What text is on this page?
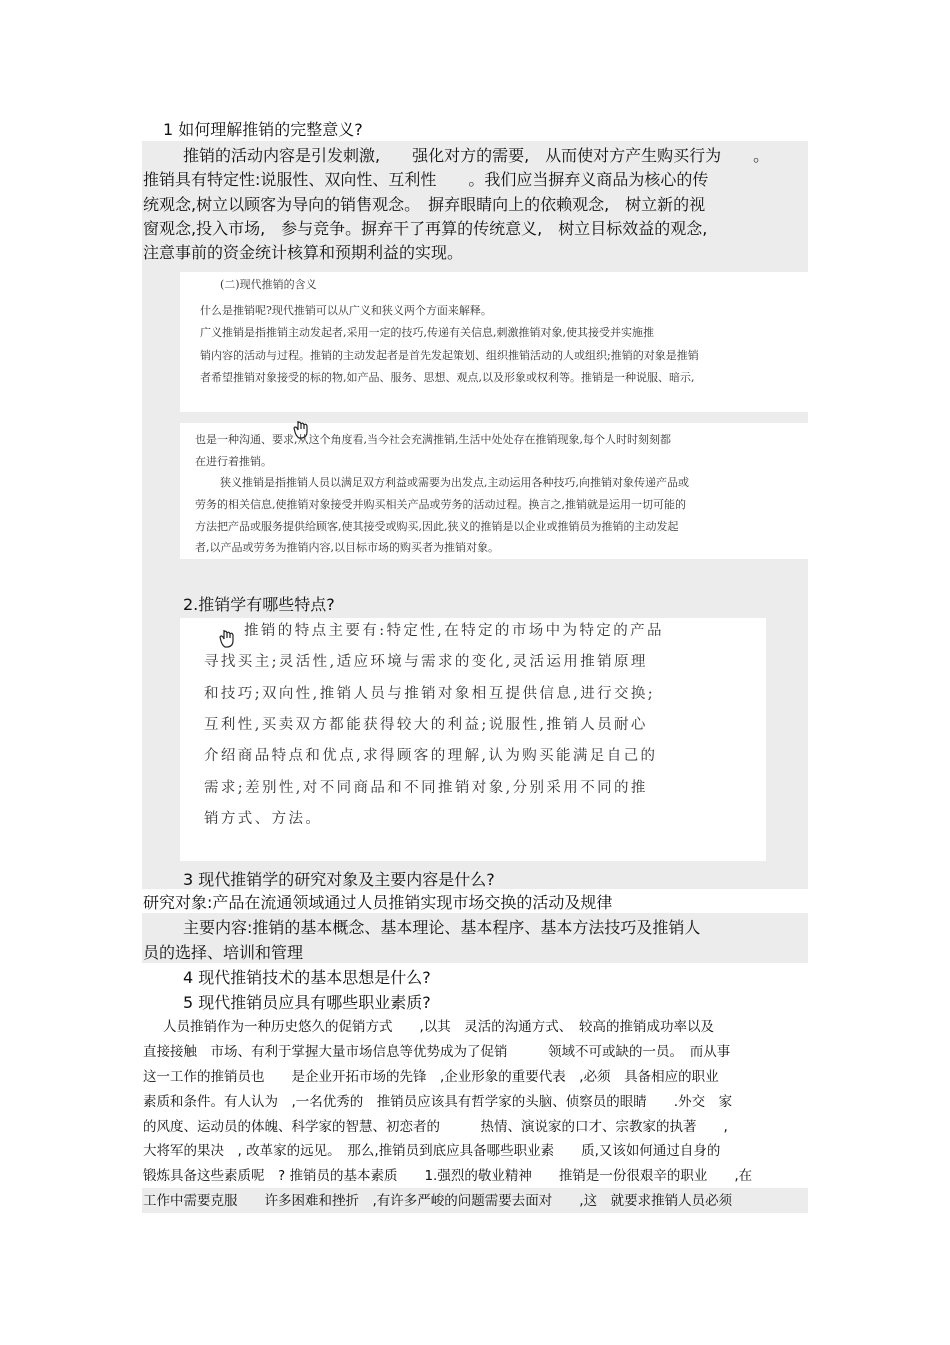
1 如何理解推销的完整意义?
推销的活动内容是引发刺激,　　强化对方的需要,　从而使对方产生购买行为　　。
推销具有特定性:说服性、双向性、互利性　　。我们应当摒弃义商品为核心的传
统观念,树立以顾客为导向的销售观念。　摒弃眼睛向上的依赖观念,　树立新的视
窗观念,投入市场,　参与竞争。摒弃干了再算的传统意义,　树立目标效益的观念,
注意事前的资金统计核算和预期利益的实现。
(二)现代推销的含义
什么是推销呢?现代推销可以从广义和狭义两个方面来解释。
广义推销是指推销主动发起者,采用一定的技巧,传递有关信息,刺激推销对象,使其接受并实施推
销内容的活动与过程。推销的主动发起者是首先发起策划、组织推销活动的人或组织;推销的对象是推销
者希望推销对象接受的标的物,如产品、服务、思想、观点,以及形象或权利等。推销是一种说服、暗示,
也是一种沟通、要求,从这个角度看,当今社会充满推销,生活中处处存在推销现象,每个人时时刻刻都
在进行着推销。
狭义推销是指推销人员以满足双方利益或需要为出发点,主动运用各种技巧,向推销对象传递产品或
劳务的相关信息,使推销对象接受并购买相关产品或劳务的活动过程。换言之,推销就是运用一切可能的
方法把产品或服务提供给顾客,使其接受或购买,因此,狭义的推销是以企业或推销员为推销的主动发起
者,以产品或劳务为推销内容,以目标市场的购买者为推销对象。
2.推销学有哪些特点?
推销的特点主要有:特定性,在特定的市场中为特定的产品
寻找买主;灵活性,适应环境与需求的变化,灵活运用推销原理
和技巧;双向性,推销人员与推销对象相互提供信息,进行交换;
互利性,买卖双方都能获得较大的利益;说服性,推销人员耐心
介绍商品特点和优点,求得顾客的理解,认为购买能满足自己的
需求;差别性,对不同商品和不同推销对象,分别采用不同的推
销方式、方法。
3 现代推销学的研究对象及主要内容是什么?
研究对象:产品在流通领域通过人员推销实现市场交换的活动及规律
主要内容:推销的基本概念、基本理论、基本程序、基本方法技巧及推销人
员的选择、培训和管理
4 现代推销技术的基本思想是什么?
5 现代推销员应具有哪些职业素质?
人员推销作为一种历史悠久的促销方式　　,以其　灵活的沟通方式、　较高的推销成功率以及
直接接触　市场、有利于掌握大量市场信息等优势成为了促销　　　领域不可或缺的一员。　而从事
这一工作的推销员也　　是企业开拓市场的先锋　,企业形象的重要代表　,必须　具备相应的职业
素质和条件。有人认为　,一名优秀的　推销员应该具有哲学家的头脑、侦察员的眼睛　　.外交　家
的风度、运动员的体魄、科学家的智慧、初恋者的　　　热情、演说家的口才、宗教家的执著　　,
大将军的果决　, 改革家的远见。　那么,推销员到底应具备哪些职业素　　质,又该如何通过自身的
锻炼具备这些素质呢　? 推销员的基本素质　　1.强烈的敬业精神　　推销是一份很艰辛的职业　　,在
工作中需要克服　　许多困难和挫折　,有许多严峻的问题需要去面对　　,这　就要求推销人员必须
